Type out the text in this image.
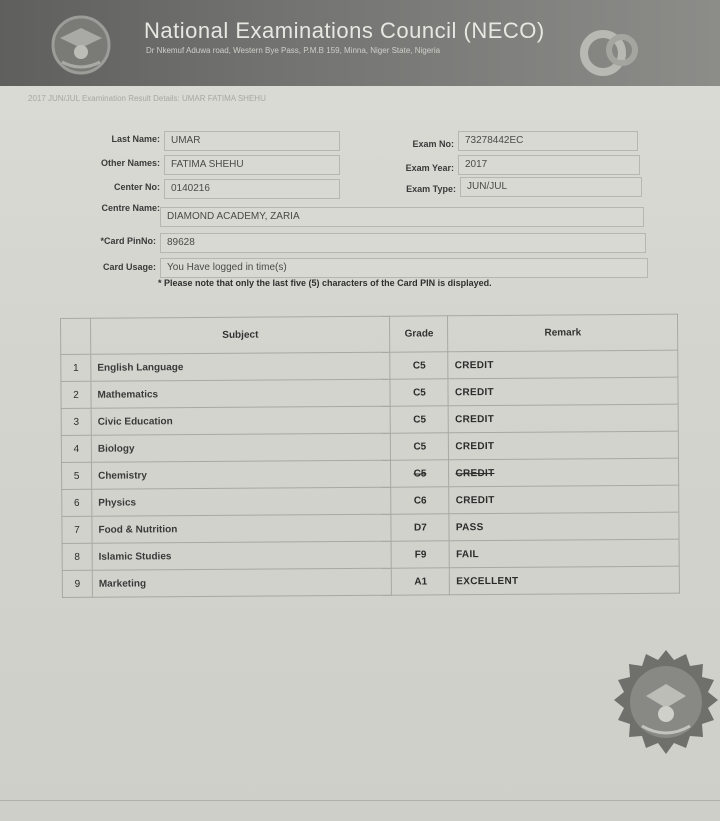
National Examinations Council (NECO)
Dr Nkemuf Aduwa road, Western Bye Pass, P.M.B 159, Minna, Niger State, Nigeria
2017 JUN/JUL Examination Result Details: UMAR FATIMA SHEHU
Last Name:	UMAR
Other Names:	FATIMA SHEHU
Center No:	0140216
Centre Name:
DIAMOND ACADEMY, ZARIA
*Card PinNo:	89628
Card Usage:	You Have logged in time(s)
Exam No:	73278442EC
Exam Year:	2017
Exam Type:	JUN/JUL
* Please note that only the last five (5) characters of the Card PIN is displayed.
	Subject	Grade	Remark
1	English Language	C5	CREDIT
2	Mathematics	C5	CREDIT
3	Civic Education	C5	CREDIT
4	Biology	C5	CREDIT
5	Chemistry	C5	CREDIT
6	Physics	C6	CREDIT
7	Food & Nutrition	D7	PASS
8	Islamic Studies	F9	FAIL
9	Marketing	A1	EXCELLENT
